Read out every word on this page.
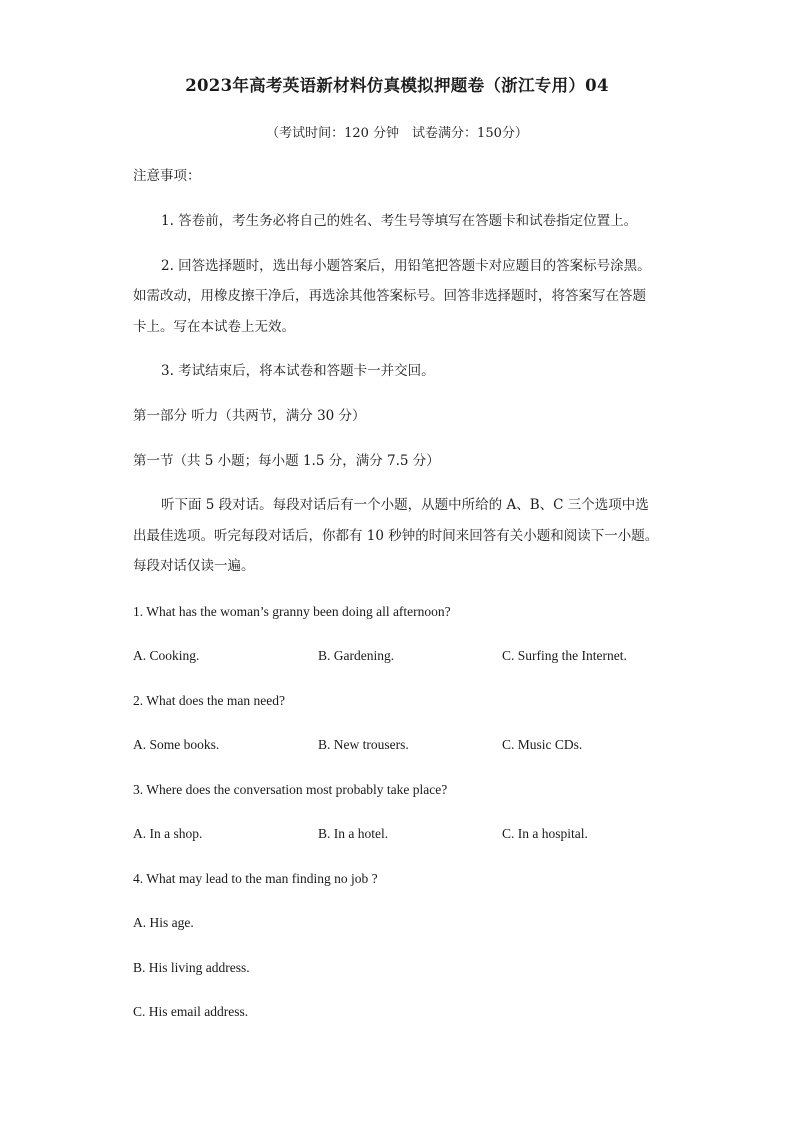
2023年高考英语新材料仿真模拟押题卷（浙江专用）04
（考试时间：120 分钟　试卷满分：150分）
注意事项：
1. 答卷前，考生务必将自己的姓名、考生号等填写在答题卡和试卷指定位置上。
2. 回答选择题时，选出每小题答案后，用铅笔把答题卡对应题目的答案标号涂黑。
如需改动，用橡皮擦干净后，再选涂其他答案标号。回答非选择题时，将答案写在答题
卡上。写在本试卷上无效。
3. 考试结束后，将本试卷和答题卡一并交回。
第一部分 听力（共两节，满分 30 分）
第一节（共 5 小题；每小题 1.5 分，满分 7.5 分）
听下面 5 段对话。每段对话后有一个小题，从题中所给的 A、B、C 三个选项中选
出最佳选项。听完每段对话后，你都有 10 秒钟的时间来回答有关小题和阅读下一小题。
每段对话仅读一遍。
1. What has the woman’s granny been doing all afternoon?
A. Cooking.	B. Gardening.	C. Surfing the Internet.
2. What does the man need?
A. Some books.	B. New trousers.	C. Music CDs.
3. Where does the conversation most probably take place?
A. In a shop.	B. In a hotel.	C. In a hospital.
4. What may lead to the man finding no job ?
A. His age.
B. His living address.
C. His email address.
